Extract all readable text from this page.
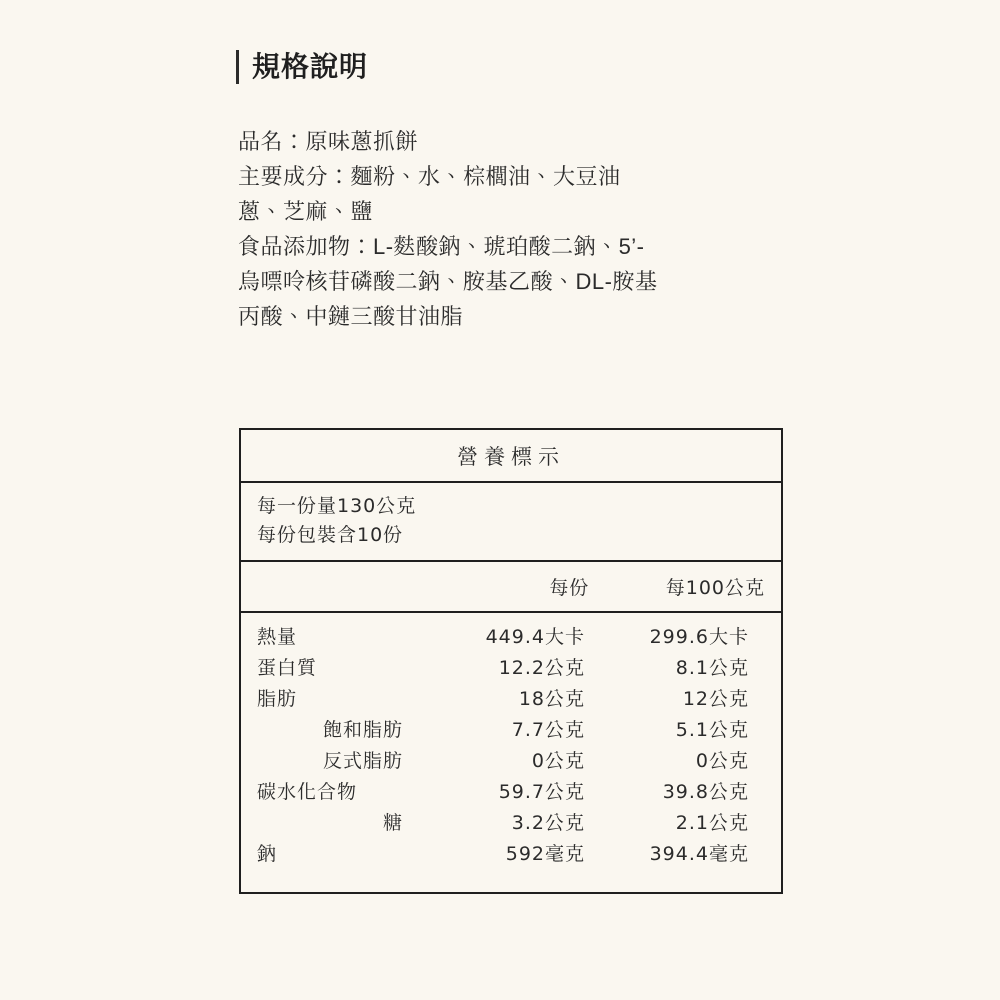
規格說明
品名：原味蔥抓餅
主要成分：麵粉、水、棕櫚油、大豆油
蔥、芝麻、鹽
食品添加物：L-麩酸鈉、琥珀酸二鈉、5’-
烏嘌呤核苷磷酸二鈉、胺基乙酸、DL-胺基
丙酸、中鏈三酸甘油脂
營養標示
每一份量130公克
每份包裝含10份
每份	每100公克
熱量	449.4大卡	299.6大卡
蛋白質	12.2公克	8.1公克
脂肪	18公克	12公克
飽和脂肪	7.7公克	5.1公克
反式脂肪	0公克	0公克
碳水化合物	59.7公克	39.8公克
糖	3.2公克	2.1公克
鈉	592毫克	394.4毫克
